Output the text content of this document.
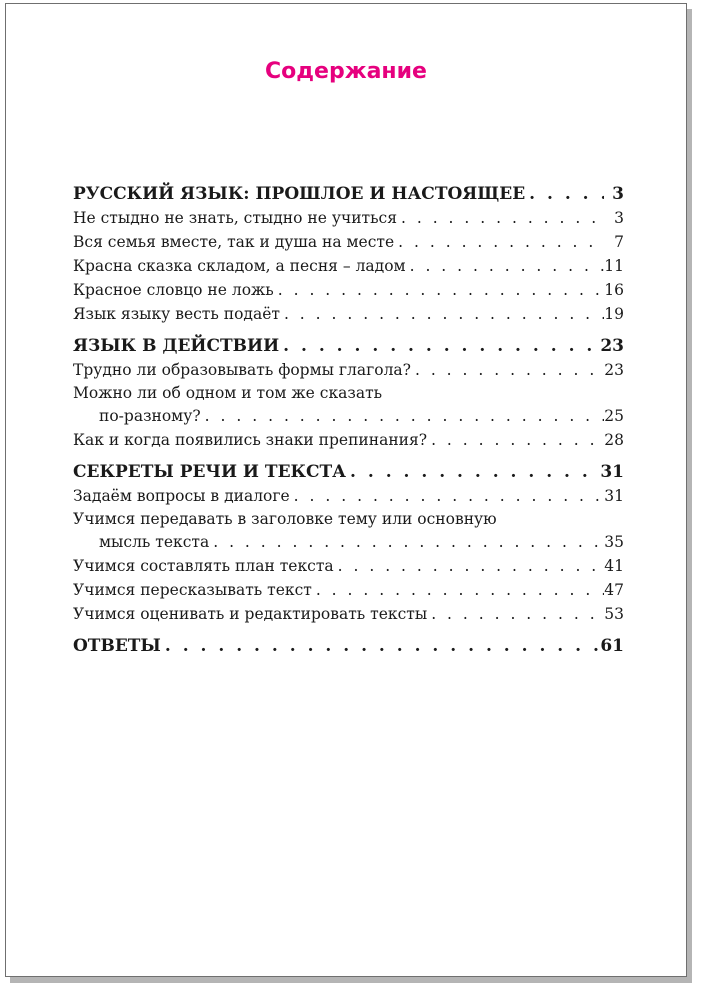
Содержание
РУССКИЙ ЯЗЫК: ПРОШЛОЕ И НАСТОЯЩЕЕ . . .	3
Не стыдно не знать, стыдно не учиться . . .	3
Вся семья вместе, так и душа на месте . . .	7
Красна сказка складом, а песня – ладом . . .	11
Красное словцо не ложь . . .	16
Язык языку весть подаёт . . .	19
ЯЗЫК В ДЕЙСТВИИ . . .	23
Трудно ли образовывать формы глагола? . . .	23
Можно ли об одном и том же сказать
по-разному? . . .	25
Как и когда появились знаки препинания? . . .	28
СЕКРЕТЫ РЕЧИ И ТЕКСТА . . .	31
Задаём вопросы в диалоге . . .	31
Учимся передавать в заголовке тему или основную
мысль текста . . .	35
Учимся составлять план текста . . .	41
Учимся пересказывать текст . . .	47
Учимся оценивать и редактировать тексты . . .	53
ОТВЕТЫ . . .	61
